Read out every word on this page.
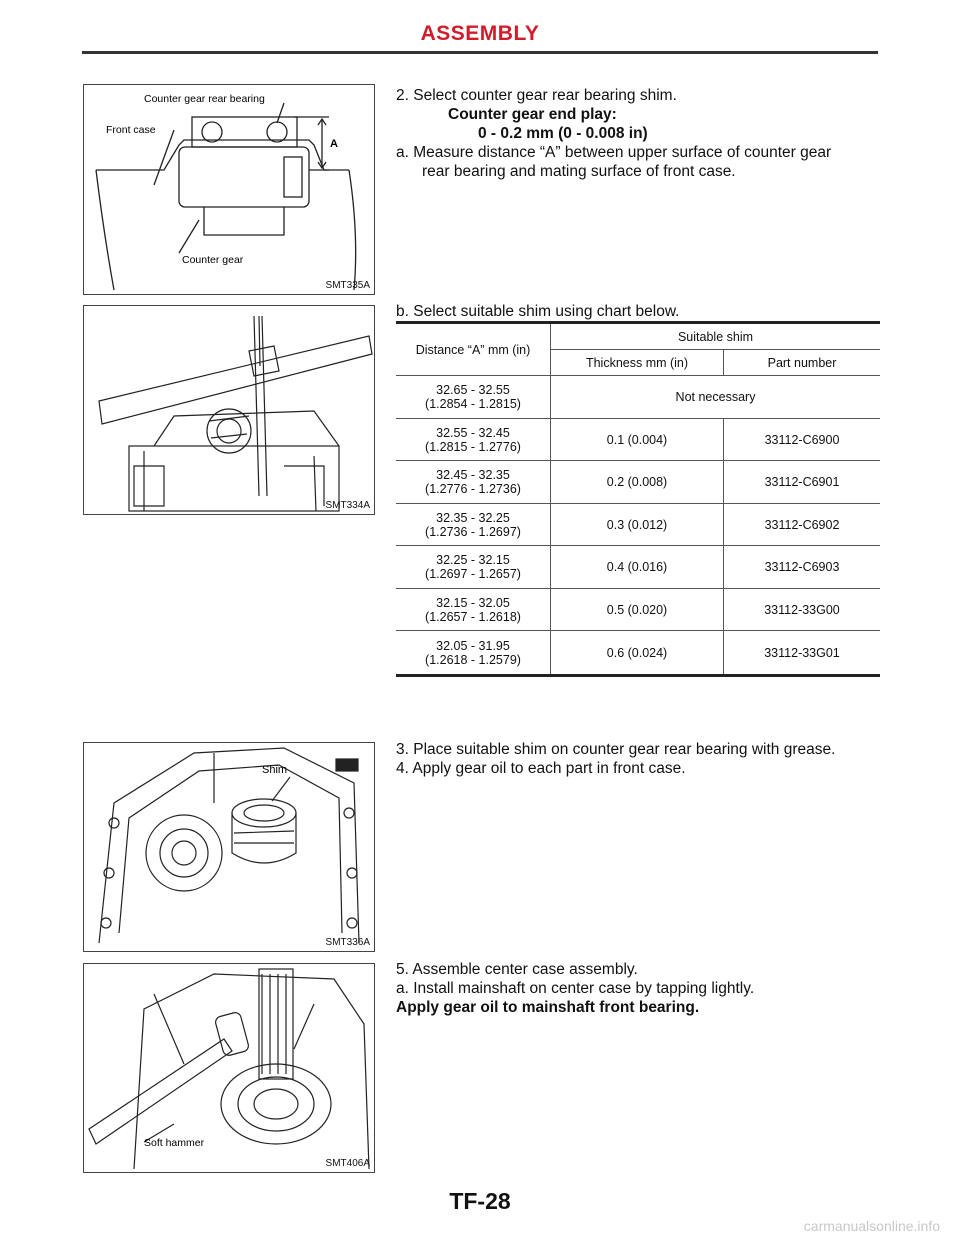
ASSEMBLY
Counter gear rear bearing
Front case
A
Counter gear
SMT335A
SMT334A
Shim
SMT336A
Soft hammer
SMT406A

2. Select counter gear rear bearing shim.

Counter gear end play:

0 - 0.2 mm (0 - 0.008 in)

a. Measure distance “A” between upper surface of counter gear

rear bearing and mating surface of front case.

b. Select suitable shim using chart below.

Distance “A” mm (in)	Suitable shim	
	Thickness mm (in)	Part number
32.65 - 32.55
(1.2854 - 1.2815)	Not necessary	
32.55 - 32.45
(1.2815 - 1.2776)	0.1 (0.004)	33112-C6900
32.45 - 32.35
(1.2776 - 1.2736)	0.2 (0.008)	33112-C6901
32.35 - 32.25
(1.2736 - 1.2697)	0.3 (0.012)	33112-C6902
32.25 - 32.15
(1.2697 - 1.2657)	0.4 (0.016)	33112-C6903
32.15 - 32.05
(1.2657 - 1.2618)	0.5 (0.020)	33112-33G00
32.05 - 31.95
(1.2618 - 1.2579)	0.6 (0.024)	33112-33G01

3. Place suitable shim on counter gear rear bearing with grease.

4. Apply gear oil to each part in front case.

5. Assemble center case assembly.

a. Install mainshaft on center case by tapping lightly.

Apply gear oil to mainshaft front bearing.

TF-28
carmanualsonline.info
